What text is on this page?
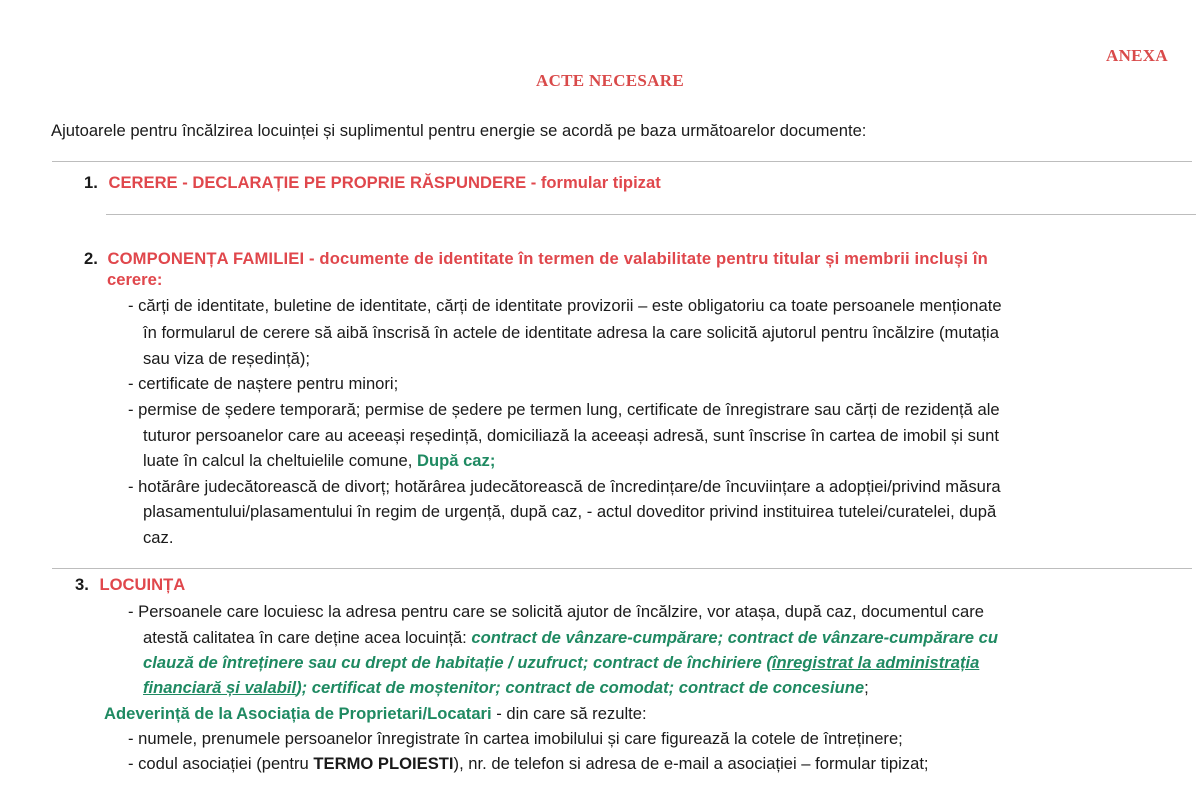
ANEXA
ACTE NECESARE
Ajutoarele pentru încălzirea locuinței și suplimentul pentru energie se acordă pe baza următoarelor documente:
1. CERERE - DECLARAȚIE PE PROPRIE RĂSPUNDERE - formular tipizat
2. COMPONENȚA FAMILIEI - documente de identitate în termen de valabilitate pentru titular și membrii incluși în
cerere:
- cărți de identitate, buletine de identitate, cărți de identitate provizorii – este obligatoriu ca toate persoanele menționate
în formularul de cerere să aibă înscrisă în actele de identitate adresa la care solicită ajutorul pentru încălzire (mutația
sau viza de reședință);
- certificate de naștere pentru minori;
- permise de ședere temporară; permise de ședere pe termen lung, certificate de înregistrare sau cărți de rezidență ale
tuturor persoanelor care au aceeași reședință, domiciliază la aceeași adresă, sunt înscrise în cartea de imobil și sunt
luate în calcul la cheltuielile comune, După caz;
- hotărâre judecătorească de divorț; hotărârea judecătorească de încredințare/de încuviințare a adopției/privind măsura
plasamentului/plasamentului în regim de urgență, după caz, - actul doveditor privind instituirea tutelei/curatelei, după
caz.
3. LOCUINȚA
- Persoanele care locuiesc la adresa pentru care se solicită ajutor de încălzire, vor atașa, după caz, documentul care
atestă calitatea în care deține acea locuință: contract de vânzare-cumpărare; contract de vânzare-cumpărare cu
clauză de întreținere sau cu drept de habitație / uzufruct; contract de închiriere (înregistrat la administrația
financiară și valabil); certificat de moștenitor; contract de comodat; contract de concesiune;
Adeverință de la Asociația de Proprietari/Locatari - din care să rezulte:
- numele, prenumele persoanelor înregistrate în cartea imobilului și care figurează la cotele de întreținere;
- codul asociației (pentru TERMO PLOIESTI), nr. de telefon si adresa de e-mail a asociației – formular tipizat;
